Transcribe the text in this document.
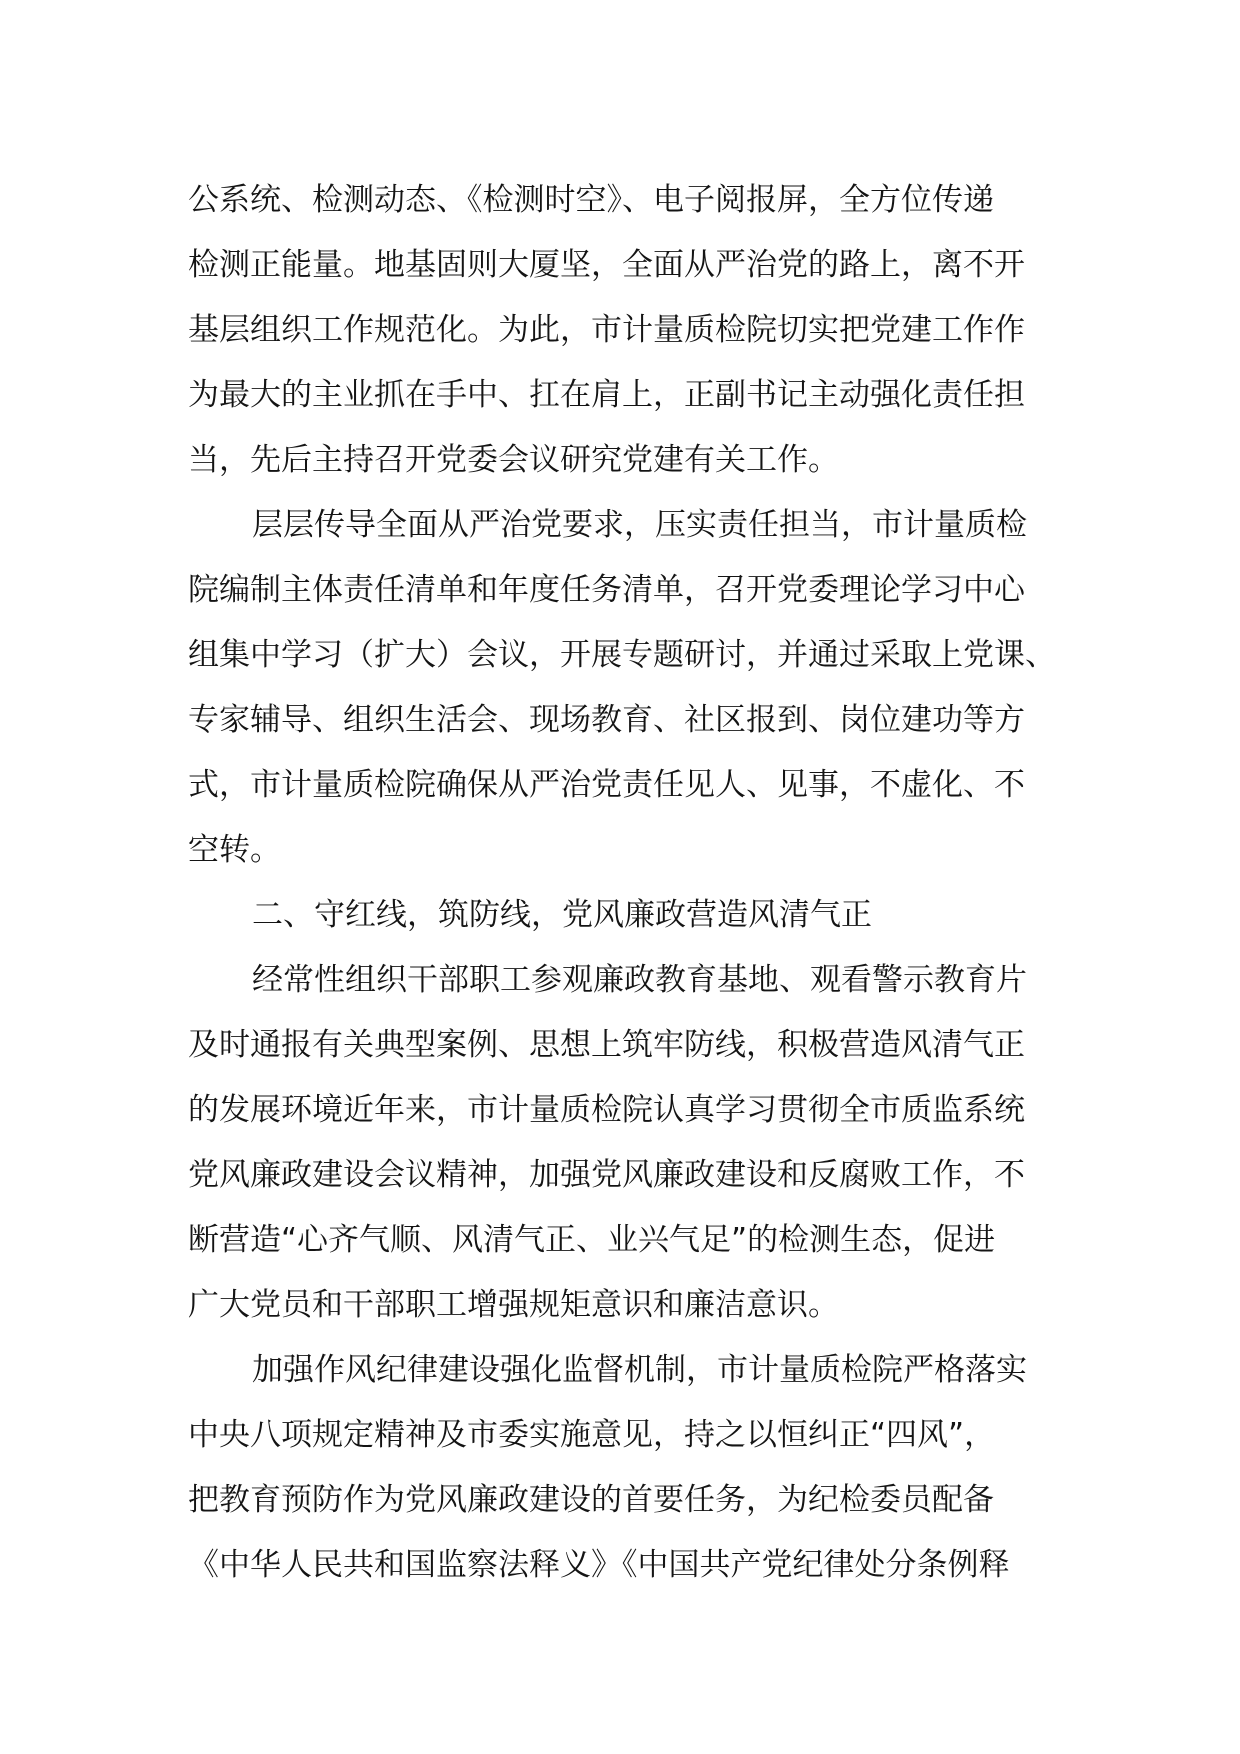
公系统、检测动态、《检测时空》、电子阅报屏，全方位传递
检测正能量。地基固则大厦坚，全面从严治党的路上，离不开
基层组织工作规范化。为此，市计量质检院切实把党建工作作
为最大的主业抓在手中、扛在肩上，正副书记主动强化责任担
当，先后主持召开党委会议研究党建有关工作。
层层传导全面从严治党要求，压实责任担当，市计量质检
院编制主体责任清单和年度任务清单，召开党委理论学习中心
组集中学习（扩大）会议，开展专题研讨，并通过采取上党课、
专家辅导、组织生活会、现场教育、社区报到、岗位建功等方
式，市计量质检院确保从严治党责任见人、见事，不虚化、不
空转。
二、守红线，筑防线，党风廉政营造风清气正
经常性组织干部职工参观廉政教育基地、观看警示教育片
及时通报有关典型案例、思想上筑牢防线，积极营造风清气正
的发展环境近年来，市计量质检院认真学习贯彻全市质监系统
党风廉政建设会议精神，加强党风廉政建设和反腐败工作，不
断营造“心齐气顺、风清气正、业兴气足”的检测生态，促进
广大党员和干部职工增强规矩意识和廉洁意识。
加强作风纪律建设强化监督机制，市计量质检院严格落实
中央八项规定精神及市委实施意见，持之以恒纠正“四风”，
把教育预防作为党风廉政建设的首要任务，为纪检委员配备
《中华人民共和国监察法释义》《中国共产党纪律处分条例释
